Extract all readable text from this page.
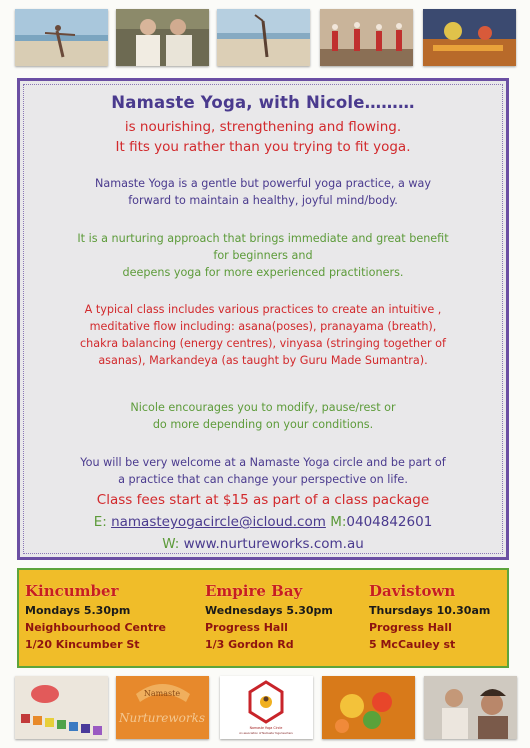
Namaste Yoga, with Nicole………
is nourishing, strengthening and flowing.
It fits you rather than you trying to fit yoga.
Namaste Yoga is a gentle but powerful yoga practice, a way
forward to maintain a healthy, joyful mind/body.
It is a nurturing approach that brings immediate and great benefit
for beginners and
deepens yoga for more experienced practitioners.
A typical class includes various practices to create an intuitive ,
meditative flow including: asana(poses), pranayama (breath),
chakra balancing (energy centres), vinyasa (stringing together of
asanas), Markandeya (as taught by Guru Made Sumantra).
Nicole encourages you to modify, pause/rest or
do more depending on your conditions.
You will be very welcome at a Namaste Yoga circle and be part of
a practice that can change your perspective on life.
Class fees start at $15 as part of a class package
E: namasteyogacircle@icloud.com M:0404842601
W: www.nurtureworks.com.au
Kincumber
Mondays 5.30pm
Neighbourhood Centre
1/20 Kincumber St
Empire Bay
Wednesdays 5.30pm
Progress Hall
1/3 Gordon Rd
Davistown
Thursdays 10.30am
Progress Hall
5 McCauley st
Namaste
Nurtureworks
Namaste Yoga Circle
An association of Namaste Yoga teachers
